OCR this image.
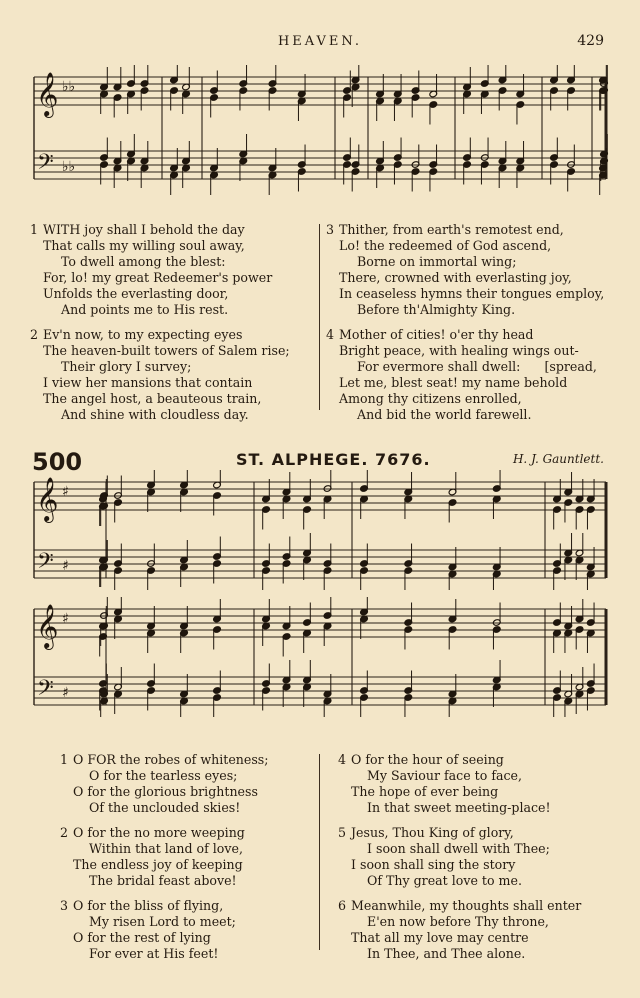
HEAVEN.	429
𝄞
𝄢
♭♭
♭♭
1 WITH joy shall I behold the day
That calls my willing soul away,
To dwell among the blest:
For, lo! my great Redeemer's power
Unfolds the everlasting door,
And points me to His rest.
2 Ev'n now, to my expecting eyes
The heaven-built towers of Salem rise;
Their glory I survey;
I view her mansions that contain
The angel host, a beauteous train,
And shine with cloudless day.
3 Thither, from earth's remotest end,
Lo! the redeemed of God ascend,
Borne on immortal wing;
There, crowned with everlasting joy,
In ceaseless hymns their tongues employ,
Before th'Almighty King.
4 Mother of cities! o'er thy head
Bright peace, with healing wings out-
For evermore shall dwell:      [spread,
Let me, blest seat! my name behold
Among thy citizens enrolled,
And bid the world farewell.
500	ST. ALPHEGE. 7676.	H. J. Gauntlett.
𝄞
𝄢
♯
♯
𝄞
𝄢
♯
♯
1 O FOR the robes of whiteness;
O for the tearless eyes;
O for the glorious brightness
Of the unclouded skies!
2 O for the no more weeping
Within that land of love,
The endless joy of keeping
The bridal feast above!
3 O for the bliss of flying,
My risen Lord to meet;
O for the rest of lying
For ever at His feet!
4 O for the hour of seeing
My Saviour face to face,
The hope of ever being
In that sweet meeting-place!
5 Jesus, Thou King of glory,
I soon shall dwell with Thee;
I soon shall sing the story
Of Thy great love to me.
6 Meanwhile, my thoughts shall enter
E'en now before Thy throne,
That all my love may centre
In Thee, and Thee alone.
